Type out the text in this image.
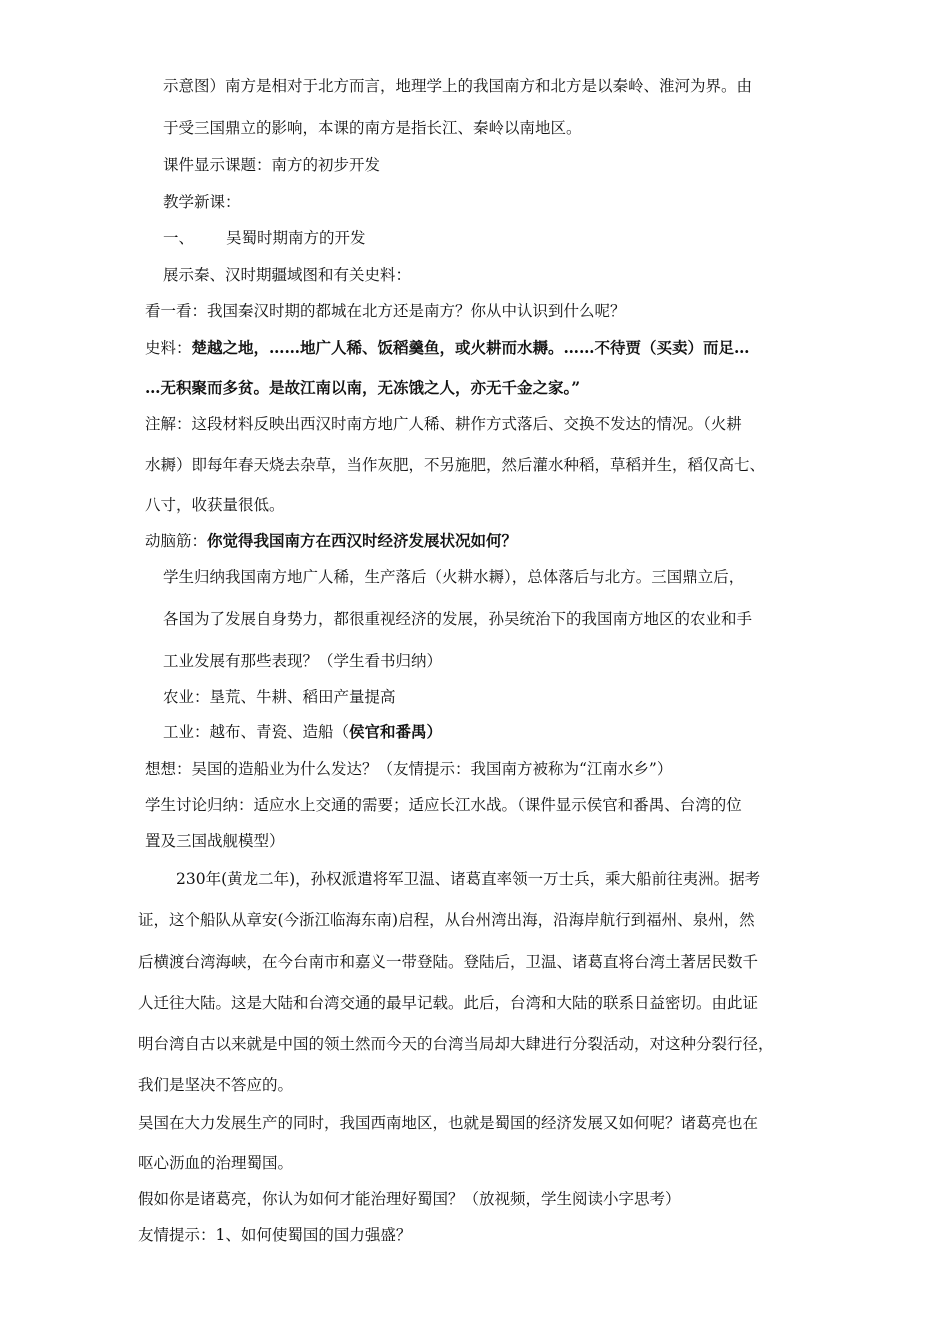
示意图）南方是相对于北方而言，地理学上的我国南方和北方是以秦岭、淮河为界。由
于受三国鼎立的影响，本课的南方是指长江、秦岭以南地区。
课件显示课题：南方的初步开发
教学新课：
一、 吴蜀时期南方的开发
展示秦、汉时期疆域图和有关史料：
看一看：我国秦汉时期的都城在北方还是南方？你从中认识到什么呢？
史料：楚越之地，……地广人稀、饭稻羹鱼，或火耕而水耨。……不待贾（买卖）而足…
…无积聚而多贫。是故江南以南，无冻饿之人，亦无千金之家。”
注解：这段材料反映出西汉时南方地广人稀、耕作方式落后、交换不发达的情况。（火耕
水耨）即每年春天烧去杂草，当作灰肥，不另施肥，然后灌水种稻，草稻并生，稻仅高七、
八寸，收获量很低。
动脑筋：你觉得我国南方在西汉时经济发展状况如何？
学生归纳我国南方地广人稀，生产落后（火耕水耨），总体落后与北方。三国鼎立后，
各国为了发展自身势力，都很重视经济的发展，孙吴统治下的我国南方地区的农业和手
工业发展有那些表现？（学生看书归纳）
农业：垦荒、牛耕、稻田产量提高
工业：越布、青瓷、造船（侯官和番禺）
想想：吴国的造船业为什么发达？（友情提示：我国南方被称为“江南水乡”）
学生讨论归纳：适应水上交通的需要；适应长江水战。（课件显示侯官和番禺、台湾的位
置及三国战舰模型）
230年(黄龙二年)，孙权派遣将军卫温、诸葛直率领一万士兵，乘大船前往夷洲。据考
证，这个船队从章安(今浙江临海东南)启程，从台州湾出海，沿海岸航行到福州、泉州，然
后横渡台湾海峡，在今台南市和嘉义一带登陆。登陆后，卫温、诸葛直将台湾土著居民数千
人迁往大陆。这是大陆和台湾交通的最早记载。此后，台湾和大陆的联系日益密切。由此证
明台湾自古以来就是中国的领土然而今天的台湾当局却大肆进行分裂活动，对这种分裂行径，
我们是坚决不答应的。
吴国在大力发展生产的同时，我国西南地区，也就是蜀国的经济发展又如何呢？诸葛亮也在
呕心沥血的治理蜀国。
假如你是诸葛亮，你认为如何才能治理好蜀国？（放视频，学生阅读小字思考）
友情提示：1、如何使蜀国的国力强盛？
